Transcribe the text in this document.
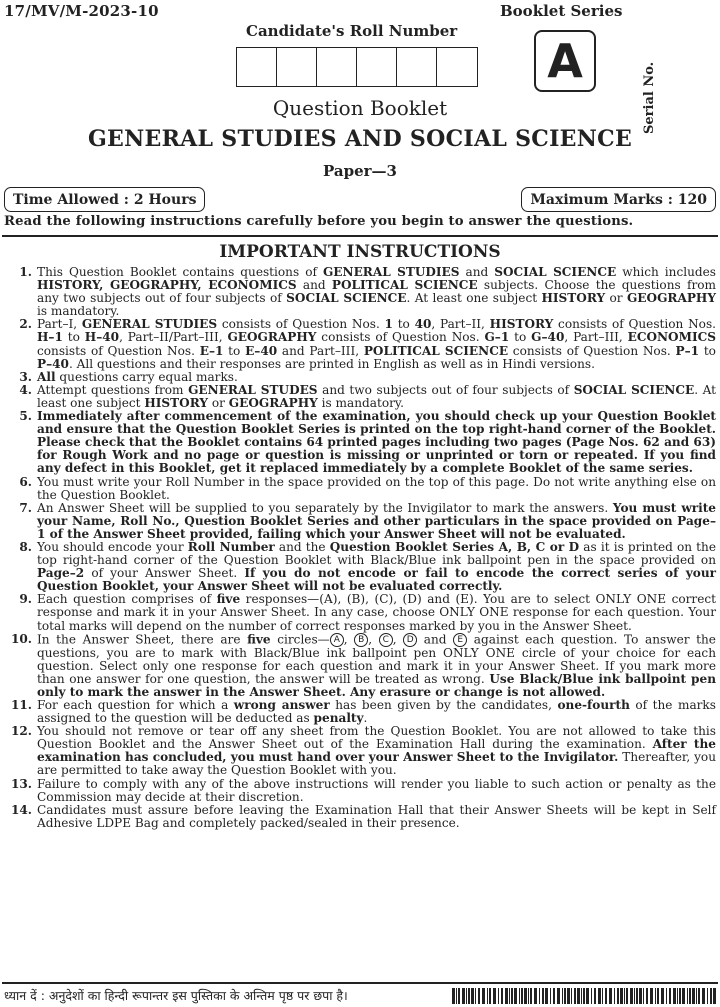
17/MV/M-2023-10
Candidate's Roll Number
Booklet Series
A
Serial No.
Question Booklet
GENERAL STUDIES AND SOCIAL SCIENCE
Paper—3
Time Allowed : 2 Hours	Maximum Marks : 120
Read the following instructions carefully before you begin to answer the questions.
IMPORTANT INSTRUCTIONS
1. This Question Booklet contains questions of GENERAL STUDIES and SOCIAL SCIENCE which includes HISTORY, GEOGRAPHY, ECONOMICS and POLITICAL SCIENCE subjects. Choose the questions from any two subjects out of four subjects of SOCIAL SCIENCE. At least one subject HISTORY or GEOGRAPHY is mandatory.
2. Part–I, GENERAL STUDIES consists of Question Nos. 1 to 40, Part–II, HISTORY consists of Question Nos. H–1 to H–40, Part–II/Part–III, GEOGRAPHY consists of Question Nos. G–1 to G–40, Part–III, ECONOMICS consists of Question Nos. E–1 to E–40 and Part–III, POLITICAL SCIENCE consists of Question Nos. P–1 to P–40. All questions and their responses are printed in English as well as in Hindi versions.
3. All questions carry equal marks.
4. Attempt questions from GENERAL STUDES and two subjects out of four subjects of SOCIAL SCIENCE. At least one subject HISTORY or GEOGRAPHY is mandatory.
5. Immediately after commencement of the examination, you should check up your Question Booklet and ensure that the Question Booklet Series is printed on the top right-hand corner of the Booklet. Please check that the Booklet contains 64 printed pages including two pages (Page Nos. 62 and 63) for Rough Work and no page or question is missing or unprinted or torn or repeated. If you find any defect in this Booklet, get it replaced immediately by a complete Booklet of the same series.
6. You must write your Roll Number in the space provided on the top of this page. Do not write anything else on the Question Booklet.
7. An Answer Sheet will be supplied to you separately by the Invigilator to mark the answers. You must write your Name, Roll No., Question Booklet Series and other particulars in the space provided on Page–1 of the Answer Sheet provided, failing which your Answer Sheet will not be evaluated.
8. You should encode your Roll Number and the Question Booklet Series A, B, C or D as it is printed on the top right-hand corner of the Question Booklet with Black/Blue ink ballpoint pen in the space provided on Page–2 of your Answer Sheet. If you do not encode or fail to encode the correct series of your Question Booklet, your Answer Sheet will not be evaluated correctly.
9. Each question comprises of five responses—(A), (B), (C), (D) and (E). You are to select ONLY ONE correct response and mark it in your Answer Sheet. In any case, choose ONLY ONE response for each question. Your total marks will depend on the number of correct responses marked by you in the Answer Sheet.
10. In the Answer Sheet, there are five circles— A , B , C , D and E against each question. To answer the questions, you are to mark with Black/Blue ink ballpoint pen ONLY ONE circle of your choice for each question. Select only one response for each question and mark it in your Answer Sheet. If you mark more than one answer for one question, the answer will be treated as wrong. Use Black/Blue ink ballpoint pen only to mark the answer in the Answer Sheet. Any erasure or change is not allowed.
11. For each question for which a wrong answer has been given by the candidates, one-fourth of the marks assigned to the question will be deducted as penalty.
12. You should not remove or tear off any sheet from the Question Booklet. You are not allowed to take this Question Booklet and the Answer Sheet out of the Examination Hall during the examination. After the examination has concluded, you must hand over your Answer Sheet to the Invigilator. Thereafter, you are permitted to take away the Question Booklet with you.
13. Failure to comply with any of the above instructions will render you liable to such action or penalty as the Commission may decide at their discretion.
14. Candidates must assure before leaving the Examination Hall that their Answer Sheets will be kept in Self Adhesive LDPE Bag and completely packed/sealed in their presence.
ध्यान दें : अनुदेशों का हिन्दी रूपान्तर इस पुस्तिका के अन्तिम पृष्ठ पर छपा है।
